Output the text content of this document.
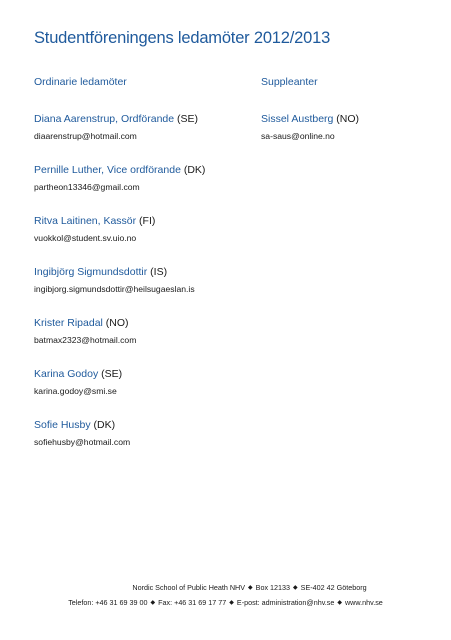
Studentföreningens ledamöter 2012/2013
Ordinarie ledamöter	Suppleanter
Diana Aarenstrup, Ordförande (SE)
diaarenstrup@hotmail.com
Pernille Luther, Vice ordförande (DK)
partheon13346@gmail.com
Ritva Laitinen, Kassör (FI)
vuokkol@student.sv.uio.no
Ingibjörg Sigmundsdottir (IS)
ingibjorg.sigmundsdottir@heilsugaeslan.is
Krister Ripadal (NO)
batmax2323@hotmail.com
Karina Godoy (SE)
karina.godoy@smi.se
Sofie Husby (DK)
sofiehusby@hotmail.com
Sissel Austberg (NO)
sa-saus@online.no
Nordic School of Public Heath NHV ◆ Box 12133 ◆ SE-402 42 Göteborg
Telefon: +46 31 69 39 00 ◆ Fax: +46 31 69 17 77 ◆ E-post: administration@nhv.se ◆ www.nhv.se
